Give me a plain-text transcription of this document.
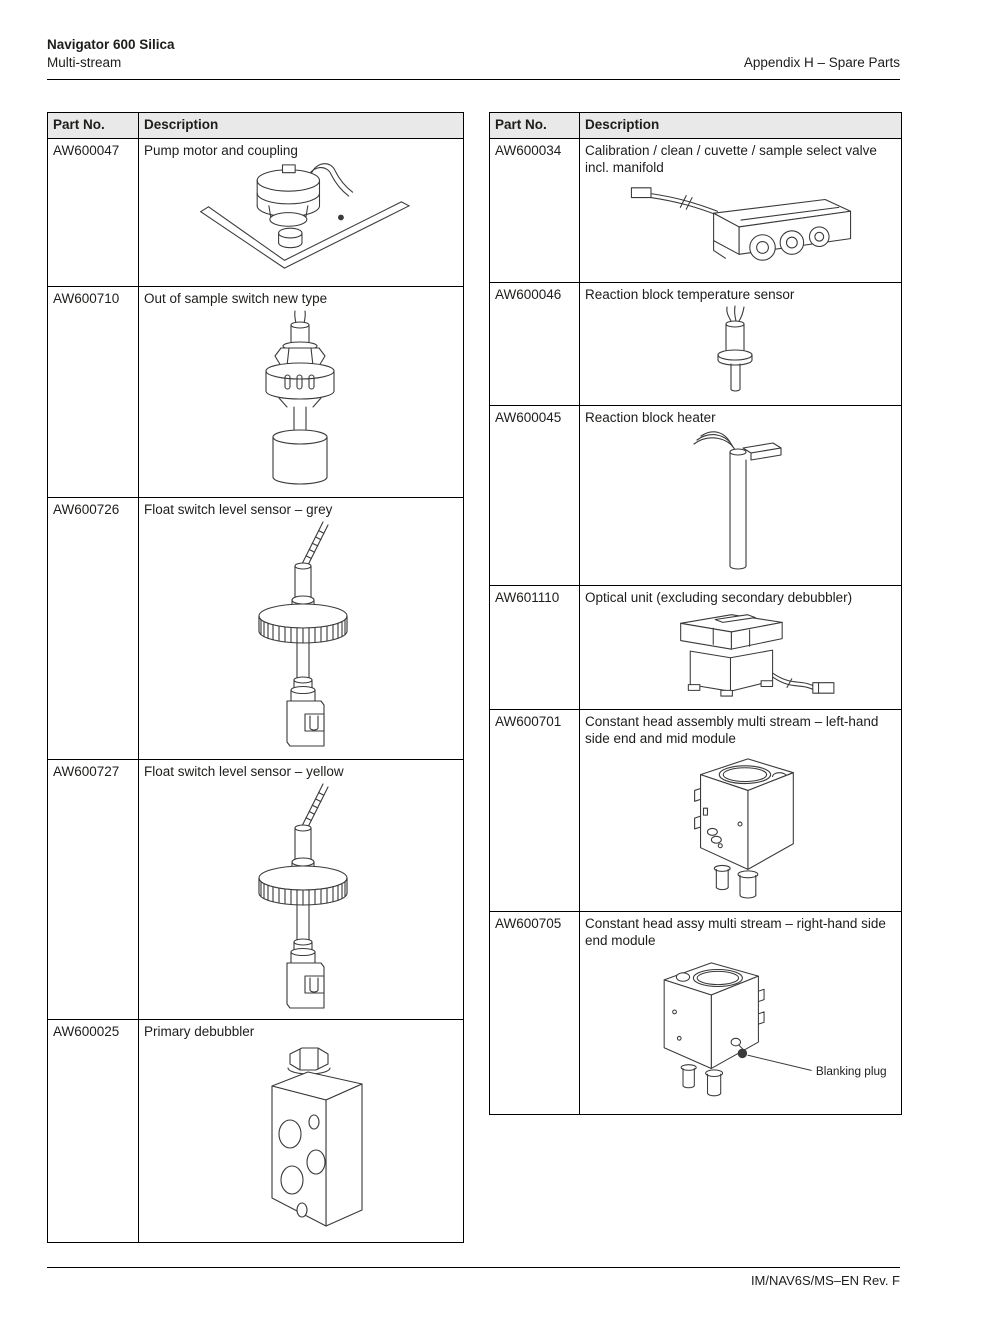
Navigator 600 Silica
Multi-stream	Appendix H – Spare Parts
Part No.	Description
AW600047	Pump motor and coupling

AW600710	Out of sample switch new type

AW600726	Float switch level sensor – grey

AW600727	Float switch level sensor – yellow

AW600025	Primary debubbler
Part No.	Description
AW600034	Calibration / clean / cuvette / sample select valve incl. manifold

AW600046	Reaction block temperature sensor

AW600045	Reaction block heater

AW601110	Optical unit (excluding secondary debubbler)

AW600701	Constant head assembly multi stream – left-hand side end and mid module

AW600705	Constant head assy multi stream – right-hand side end module
Blanking plug
IM/NAV6S/MS–EN Rev. F
